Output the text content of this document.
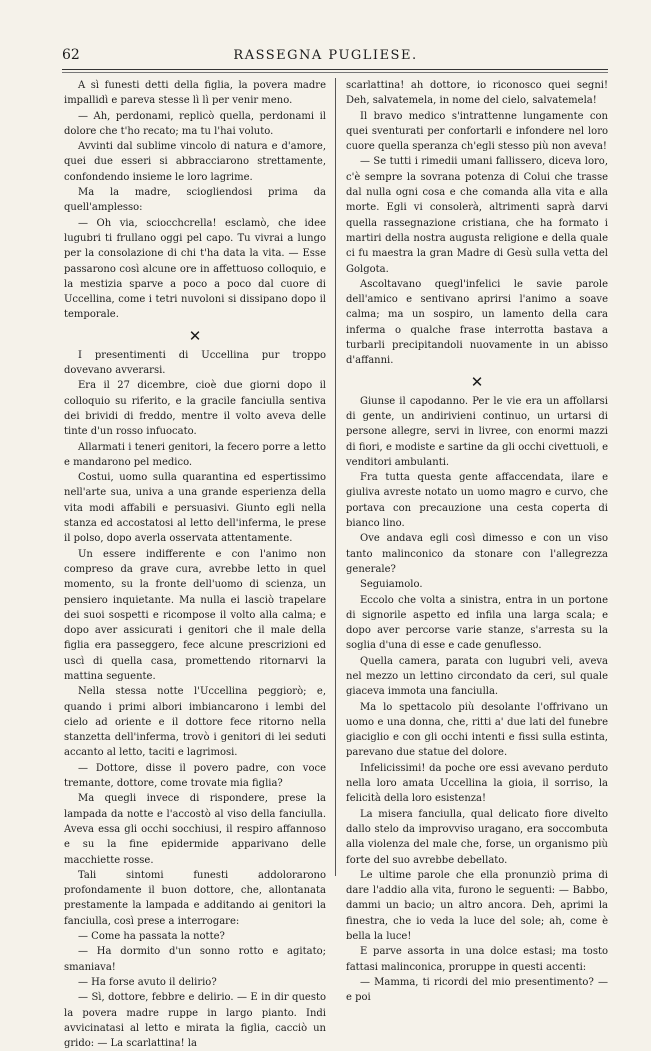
62	RASSEGNA PUGLIESE.

A sì funesti detti della figlia, la povera madre impallidì e pareva stesse lì lì per venir meno.

— Ah, perdonami, replicò quella, perdonami il dolore che t'ho recato; ma tu l'hai voluto.

Avvinti dal sublime vincolo di natura e d'amore, quei due esseri si abbracciarono strettamente, confondendo insieme le loro lagrime.

Ma la madre, sciogliendosi prima da quell'amplesso:

— Oh via, sciocchcrella! esclamò, che idee lugubri ti frullano oggi pel capo. Tu vivrai a lungo per la consolazione di chi t'ha data la vita. — Esse passarono così alcune ore in affettuoso colloquio, e la mestizia sparve a poco a poco dal cuore di Uccellina, come i tetri nuvoloni si dissipano dopo il temporale.

✕

I presentimenti di Uccellina pur troppo dovevano avverarsi.

Era il 27 dicembre, cioè due giorni dopo il colloquio su riferito, e la gracile fanciulla sentiva dei brividi di freddo, mentre il volto aveva delle tinte d'un rosso infuocato.

Allarmati i teneri genitori, la fecero porre a letto e mandarono pel medico.

Costui, uomo sulla quarantina ed espertissimo nell'arte sua, univa a una grande esperienza della vita modi affabili e persuasivi. Giunto egli nella stanza ed accostatosi al letto dell'inferma, le prese il polso, dopo averla osservata attentamente.

Un essere indifferente e con l'animo non compreso da grave cura, avrebbe letto in quel momento, su la fronte dell'uomo di scienza, un pensiero inquietante. Ma nulla ei lasciò trapelare dei suoi sospetti e ricompose il volto alla calma; e dopo aver assicurati i genitori che il male della figlia era passeggero, fece alcune prescrizioni ed uscì di quella casa, promettendo ritornarvi la mattina seguente.

Nella stessa notte l'Uccellina peggiorò; e, quando i primi albori imbiancarono i lembi del cielo ad oriente e il dottore fece ritorno nella stanzetta dell'inferma, trovò i genitori di lei seduti accanto al letto, taciti e lagrimosi.

— Dottore, disse il povero padre, con voce tremante, dottore, come trovate mia figlia?

Ma quegli invece di rispondere, prese la lampada da notte e l'accostò al viso della fanciulla. Aveva essa gli occhi socchiusi, il respiro affannoso e su la fine epidermide apparivano delle macchiette rosse.

Tali sintomi funesti addolorarono profondamente il buon dottore, che, allontanata prestamente la lampada e additando ai genitori la fanciulla, così prese a interrogare:

— Come ha passata la notte?

— Ha dormito d'un sonno rotto e agitato; smaniava!

— Ha forse avuto il delirio?

— Sì, dottore, febbre e delirio. — E in dir questo la povera madre ruppe in largo pianto. Indi avvicinatasi al letto e mirata la figlia, cacciò un grido: — La scarlattina! la

scarlattina! ah dottore, io riconosco quei segni! Deh, salvatemela, in nome del cielo, salvatemela!

Il bravo medico s'intrattenne lungamente con quei sventurati per confortarli e infondere nel loro cuore quella speranza ch'egli stesso più non aveva!

— Se tutti i rimedii umani fallissero, diceva loro, c'è sempre la sovrana potenza di Colui che trasse dal nulla ogni cosa e che comanda alla vita e alla morte. Egli vi consolerà, altrimenti saprà darvi quella rassegnazione cristiana, che ha formato i martiri della nostra augusta religione e della quale ci fu maestra la gran Madre di Gesù sulla vetta del Golgota.

Ascoltavano quegl'infelici le savie parole dell'amico e sentivano aprirsi l'animo a soave calma; ma un sospiro, un lamento della cara inferma o qualche frase interrotta bastava a turbarli precipitandoli nuovamente in un abisso d'affanni.

✕

Giunse il capodanno. Per le vie era un affollarsi di gente, un andirivieni continuo, un urtarsi di persone allegre, servi in livree, con enormi mazzi di fiori, e modiste e sartine da gli occhi civettuoli, e venditori ambulanti.

Fra tutta questa gente affaccendata, ilare e giuliva avreste notato un uomo magro e curvo, che portava con precauzione una cesta coperta di bianco lino.

Ove andava egli così dimesso e con un viso tanto malinconico da stonare con l'allegrezza generale?

Seguiamolo.

Eccolo che volta a sinistra, entra in un portone di signorile aspetto ed infila una larga scala; e dopo aver percorse varie stanze, s'arresta su la soglia d'una di esse e cade genuflesso.

Quella camera, parata con lugubri veli, aveva nel mezzo un lettino circondato da ceri, sul quale giaceva immota una fanciulla.

Ma lo spettacolo più desolante l'offrivano un uomo e una donna, che, ritti a' due lati del funebre giaciglio e con gli occhi intenti e fissi sulla estinta, parevano due statue del dolore.

Infelicissimi! da poche ore essi avevano perduto nella loro amata Uccellina la gioia, il sorriso, la felicità della loro esistenza!

La misera fanciulla, qual delicato fiore divelto dallo stelo da improvviso uragano, era soccombuta alla violenza del male che, forse, un organismo più forte del suo avrebbe debellato.

Le ultime parole che ella pronunziò prima di dare l'addio alla vita, furono le seguenti: — Babbo, dammi un bacio; un altro ancora. Deh, aprimi la finestra, che io veda la luce del sole; ah, come è bella la luce!

E parve assorta in una dolce estasi; ma tosto fattasi malinconica, proruppe in questi accenti:

— Mamma, ti ricordi del mio presentimento? — e poi
